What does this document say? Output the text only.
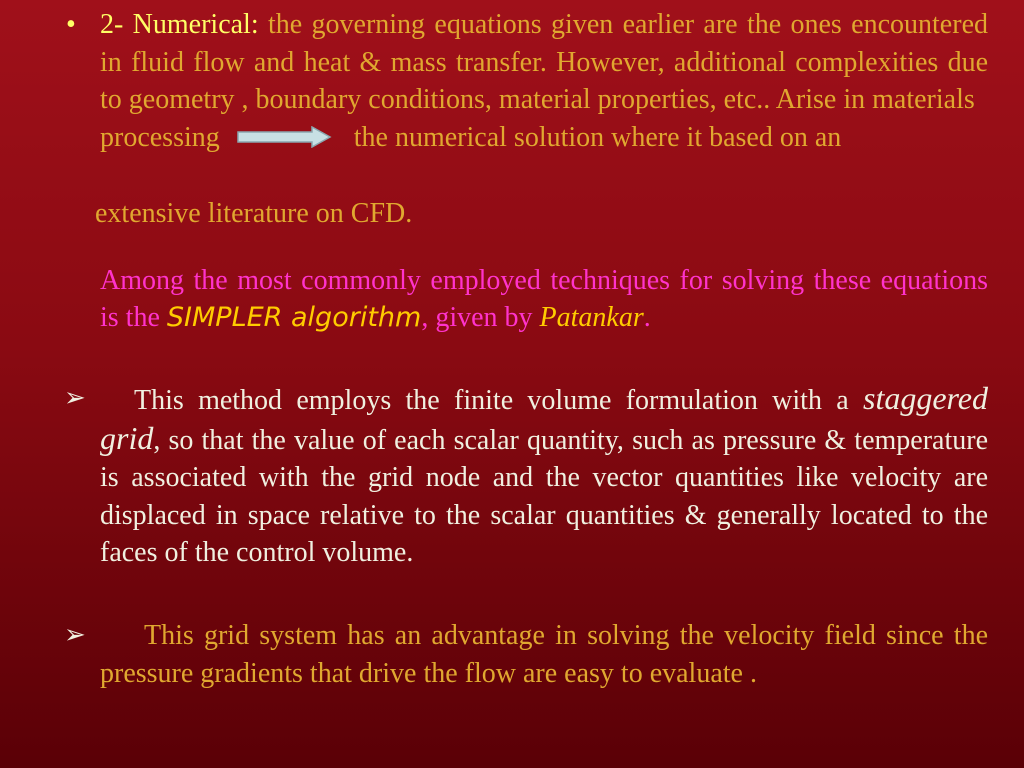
• 2- Numerical: the governing equations given earlier are the ones encountered in fluid flow and heat & mass transfer. However, additional complexities due to geometry , boundary conditions, material properties, etc.. Arise in materials
processing	the numerical solution where it based on an
extensive literature on CFD.
Among the most commonly employed techniques for solving these equations is the SIMPLER algorithm, given by Patankar.
➢	This method employs the finite volume formulation with a staggered grid, so that the value of each scalar quantity, such as pressure & temperature is associated with the grid node and the vector quantities like velocity are displaced in space relative to the scalar quantities & generally located to the faces of the control volume.
➢	This grid system has an advantage in solving the velocity field since the pressure gradients that drive the flow are easy to evaluate .
